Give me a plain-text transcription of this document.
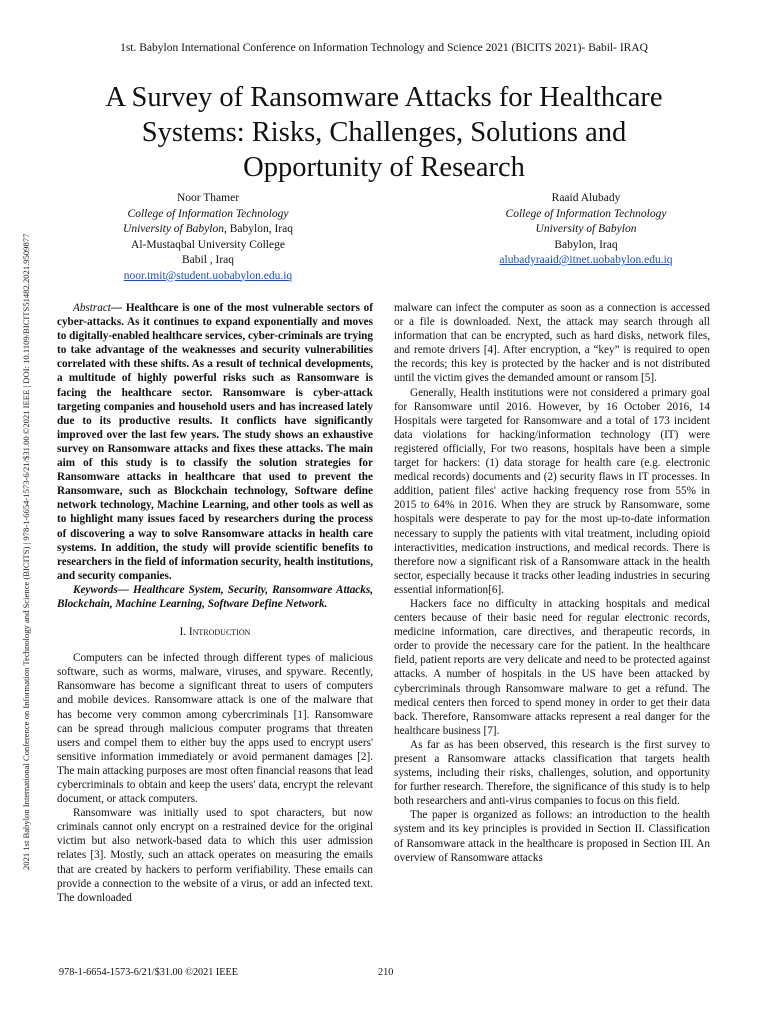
1st. Babylon International Conference on Information Technology and Science 2021 (BICITS 2021)- Babil- IRAQ
2021 1st Babylon International Conference on Information Technology and Science (BICITS) | 978-1-6654-1573-6/21/$31.00 ©2021 IEEE | DOI: 10.1109/BICITS51482.2021.9509877
A Survey of Ransomware Attacks for Healthcare
Systems: Risks, Challenges, Solutions and
Opportunity of Research
Noor Thamer
College of Information Technology
University of Babylon, Babylon, Iraq
Al-Mustaqbal University College
Babil , Iraq
noor.tmit@student.uobabylon.edu.iq
Raaid Alubady
College of Information Technology
University of Babylon
Babylon, Iraq
alubadyraaid@itnet.uobabylon.edu.iq

Abstract— Healthcare is one of the most vulnerable sectors of cyber-attacks. As it continues to expand exponentially and moves to digitally-enabled healthcare services, cyber-criminals are trying to take advantage of the weaknesses and security vulnerabilities correlated with these shifts. As a result of technical developments, a multitude of highly powerful risks such as Ransomware is facing the healthcare sector. Ransomware is cyber-attack targeting companies and household users and has increased lately due to its productive results. It conflicts have significantly improved over the last few years. The study shows an exhaustive survey on Ransomware attacks and fixes these attacks. The main aim of this study is to classify the solution strategies for Ransomware attacks in healthcare that used to prevent the Ransomware, such as Blockchain technology, Software define network technology, Machine Learning, and other tools as well as to highlight many issues faced by researchers during the process of discovering a way to solve Ransomware attacks in health care systems. In addition, the study will provide scientific benefits to researchers in the field of information security, health institutions, and security companies.

Keywords— Healthcare System, Security, Ransomware Attacks, Blockchain, Machine Learning, Software Define Network.

I. Introduction

Computers can be infected through different types of malicious software, such as worms, malware, viruses, and spyware. Recently, Ransomware has become a significant threat to users of computers and mobile devices. Ransomware attack is one of the malware that has become very common among cybercriminals [1]. Ransomware can be spread through malicious computer programs that threaten users and compel them to either buy the apps used to encrypt users' sensitive information immediately or avoid permanent damages [2]. The main attacking purposes are most often financial reasons that lead cybercriminals to obtain and keep the users' data, encrypt the relevant document, or attack computers.

Ransomware was initially used to spot characters, but now criminals cannot only encrypt on a restrained device for the original victim but also network-based data to which this user admission relates [3]. Mostly, such an attack operates on measuring the emails that are created by hackers to perform verifiability. These emails can provide a connection to the website of a virus, or add an infected text. The downloaded

malware can infect the computer as soon as a connection is accessed or a file is downloaded. Next, the attack may search through all information that can be encrypted, such as hard disks, network files, and remote drivers [4]. After encryption, a “key” is required to open the records; this key is protected by the hacker and is not distributed until the victim gives the demanded amount or ransom [5].

Generally, Health institutions were not considered a primary goal for Ransomware until 2016. However, by 16 October 2016, 14 Hospitals were targeted for Ransomware and a total of 173 incident data violations for hacking/information technology (IT) were registered officially, For two reasons, hospitals have been a simple target for hackers: (1) data storage for health care (e.g. electronic medical records) documents and (2) security flaws in IT processes. In addition, patient files' active hacking frequency rose from 55% in 2015 to 64% in 2016. When they are struck by Ransomware, some hospitals were desperate to pay for the most up-to-date information necessary to supply the patients with vital treatment, including opioid interactivities, medication instructions, and medical records. There is therefore now a significant risk of a Ransomware attack in the health sector, especially because it tracks other leading industries in securing essential information[6].

Hackers face no difficulty in attacking hospitals and medical centers because of their basic need for regular electronic records, medicine information, care directives, and therapeutic records, in order to provide the necessary care for the patient. In the healthcare field, patient reports are very delicate and need to be protected against attacks. A number of hospitals in the US have been attacked by cybercriminals through Ransomware malware to get a refund. The medical centers then forced to spend money in order to get their data back. Therefore, Ransomware attacks represent a real danger for the healthcare business [7].

As far as has been observed, this research is the first survey to present a Ransomware attacks classification that targets health systems, including their risks, challenges, solution, and opportunity for further research. Therefore, the significance of this study is to help both researchers and anti-virus companies to focus on this field.

The paper is organized as follows: an introduction to the health system and its key principles is provided in Section II. Classification of Ransomware attack in the healthcare is proposed in Section III. An overview of Ransomware attacks

978-1-6654-1573-6/21/$31.00 ©2021 IEEE	210
